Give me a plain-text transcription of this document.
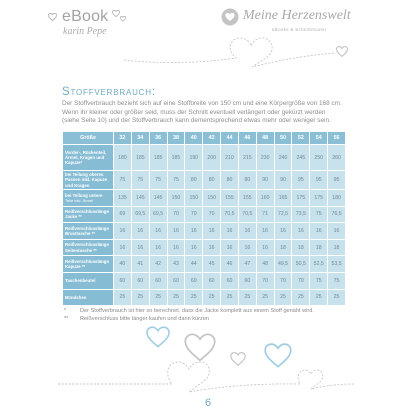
eBook
karin Pepe
Meine Herzenswelt
eBooks & Schnittmuster
Stoffverbrauch:
Der Stoffverbrauch bezieht sich auf eine Stoffbreite von 150 cm und eine Körpergröße von 168 cm.
Wenn ihr kleiner oder größer seid, muss der Schnitt eventuell verlängert oder gekürzt werden
(siehe Seite 10) und der Stoffverbrauch kann dementsprechend etwas mehr oder weniger sein.
Größe	32	34	36	38	40	42	44	46	48	50	52	54	56
Vorder-, Rückenteil, Ärmel, Kragen und Kapuze*	180	185	185	185	190	200	210	215	230	240	245	250	260
bei Teilung oberes Passen inkl. Kapuze und Kragen	75	75	75	75	80	80	80	80	90	90	95	95	95
bei Teilung untere
Teile inkl. Ärmel	135	145	145	150	150	150	155	155	160	165	175	175	180
Reißverschlusslänge Jacke **	69	69,5	69,5	70	70	70	70,5	70,5	71	72,5	73,5	75	76,5
Reißverschlusslänge Brusttasche **	16	16	16	16	16	16	16	16	16	16	16	16	16
Reißverschlusslänge Seitentasche **	16	16	16	16	16	16	16	16	16	18	18	18	18
Reißverschlusslänge Kapuze **	40	41	42	43	44	45	46	47	48	49,5	50,5	52,5	53,5
Taschenbeutel	60	60	60	60	60	60	60	60	70	70	70	75	75
Bündchen	25	25	25	25	25	25	25	25	25	25	25	25	25
*	Der Stoffverbrauch ist hier so berechnet, dass die Jacke komplett aus einem Stoff genäht wird.
**	Reißverschluss bitte länger kaufen und dann kürzen
6
